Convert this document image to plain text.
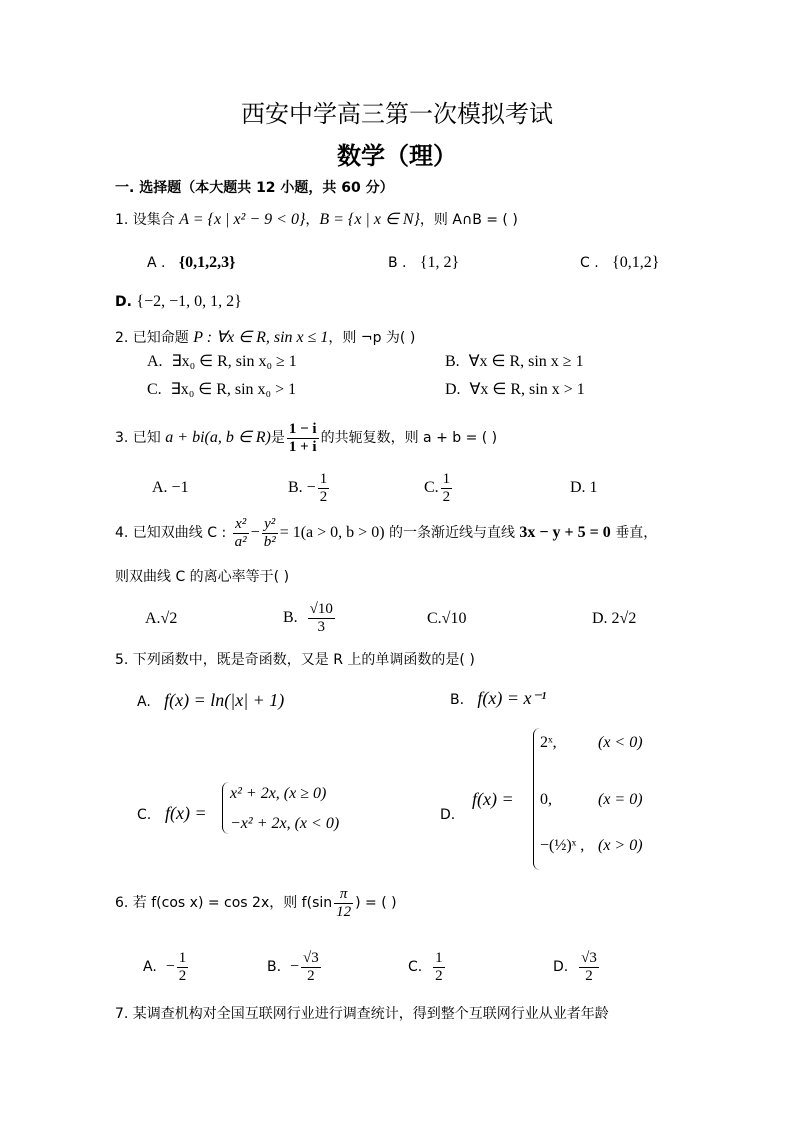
西安中学高三第一次模拟考试
数学（理）
一. 选择题（本大题共 12 小题，共 60 分）
1. 设集合 A = {x | x² − 9 < 0}，B = {x | x ∈ N}，则 A∩B = ( )
A . {0,1,2,3}	B . {1, 2}	C . {0,1,2}
D. {−2, −1, 0, 1, 2}
2. 已知命题 P : ∀x ∈ R, sin x ≤ 1，则 ¬p 为( )
A. ∃x₀ ∈ R, sin x₀ ≥ 1	B. ∀x ∈ R, sin x ≥ 1
C. ∃x₀ ∈ R, sin x₀ > 1	D. ∀x ∈ R, sin x > 1
3. 已知 a + bi(a, b ∈ R)是 $\frac{1 - i}{1 + i}$ 的共轭复数，则 a + b = ( )
A. −1	B. − $\frac{1}{2}$	C. $\frac{1}{2}$	D. 1
4. 已知双曲线 C : $\frac{\text{x²}}{\text{a²}} - \frac{\text{y²}}{\text{b²}} = 1(a > 0$, b > 0) 的一条渐近线与直线 3x − y + 5 = 0 垂直，
则双曲线 C 的离心率等于( )
A.√2	B. $\frac{√10}{3}$	C.√10	D. 2√2
5. 下列函数中，既是奇函数，又是 R 上的单调函数的是( )
A. f(x) = ln(|x| + 1)	B. f(x) = x⁻¹
C. f(x) =
x² + 2x, (x ≥ 0)
−x² + 2x, (x < 0)	D.
f(x) =
2ˣ,	(x < 0)
0,	(x = 0)
−(½)ˣ , (x > 0)
6. 若 f(cos x) = cos 2x，则 $f(\sin \frac{\pi}{12}$ ) = ( )
A. − $\frac{1}{2}$	B. − $\frac{√3}{2}$	C. $\frac{1}{2}$	D. $\frac{√3}{2}$
7. 某调查机构对全国互联网行业进行调查统计，得到整个互联网行业从业者年龄
